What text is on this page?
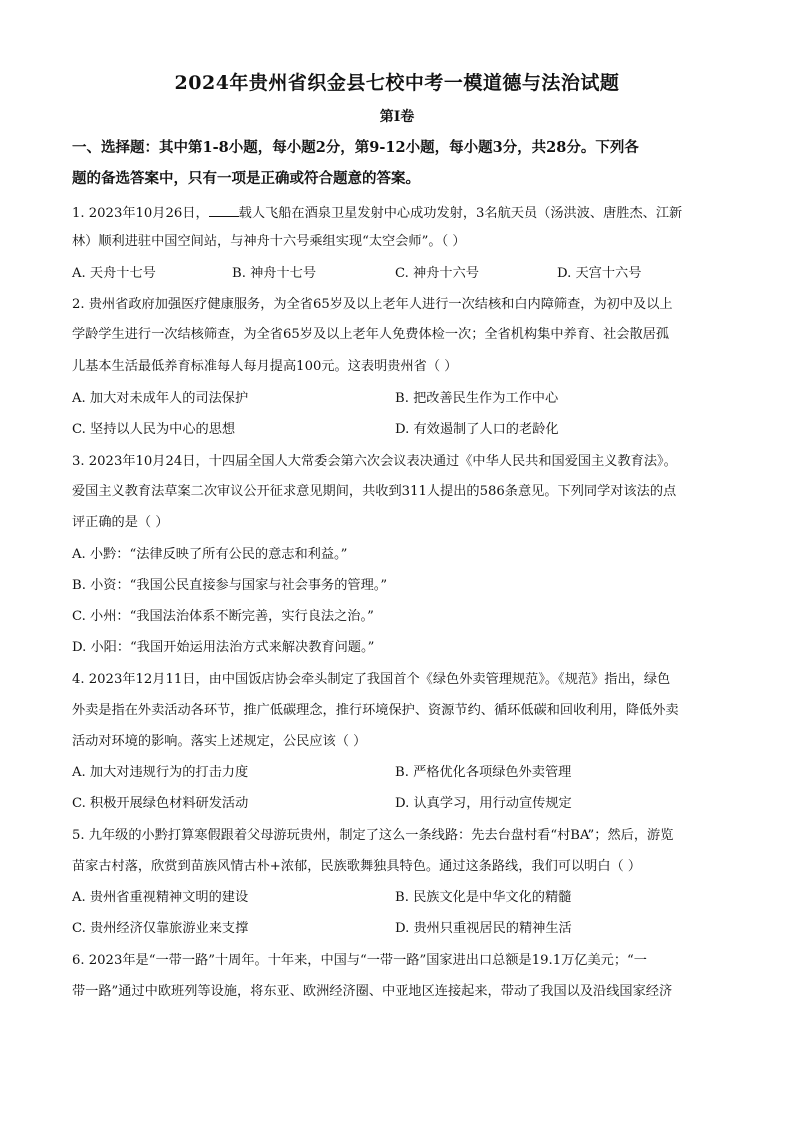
2024年贵州省织金县七校中考一模道德与法治试题
第Ⅰ卷
一、选择题：其中第1-8小题，每小题2分，第9-12小题，每小题3分，共28分。下列各
题的备选答案中，只有一项是正确或符合题意的答案。
1. 2023年10月26日， 载人飞船在酒泉卫星发射中心成功发射，3名航天员（汤洪波、唐胜杰、江新
林）顺利进驻中国空间站，与神舟十六号乘组实现“太空会师”。（ ）
A. 天舟十七号	B. 神舟十七号	C. 神舟十六号	D. 天宫十六号
2. 贵州省政府加强医疗健康服务，为全省65岁及以上老年人进行一次结核和白内障筛查，为初中及以上
学龄学生进行一次结核筛查，为全省65岁及以上老年人免费体检一次；全省机构集中养育、社会散居孤
儿基本生活最低养育标准每人每月提高100元。这表明贵州省（ ）
A. 加大对未成年人的司法保护	B. 把改善民生作为工作中心
C. 坚持以人民为中心的思想	D. 有效遏制了人口的老龄化
3. 2023年10月24日，十四届全国人大常委会第六次会议表决通过《中华人民共和国爱国主义教育法》。
爱国主义教育法草案二次审议公开征求意见期间，共收到311人提出的586条意见。下列同学对该法的点
评正确的是（ ）
A. 小黔：“法律反映了所有公民的意志和利益。”
B. 小资：“我国公民直接参与国家与社会事务的管理。”
C. 小州：“我国法治体系不断完善，实行良法之治。”
D. 小阳：“我国开始运用法治方式来解决教育问题。”
4. 2023年12月11日，由中国饭店协会牵头制定了我国首个《绿色外卖管理规范》。《规范》指出，绿色
外卖是指在外卖活动各环节，推广低碳理念，推行环境保护、资源节约、循环低碳和回收利用，降低外卖
活动对环境的影响。落实上述规定，公民应该（ ）
A. 加大对违规行为的打击力度	B. 严格优化各项绿色外卖管理
C. 积极开展绿色材料研发活动	D. 认真学习，用行动宣传规定
5. 九年级的小黔打算寒假跟着父母游玩贵州，制定了这么一条线路：先去台盘村看“村BA”；然后，游览
苗家古村落，欣赏到苗族风情古朴+浓郁，民族歌舞独具特色。通过这条路线，我们可以明白（ ）
A. 贵州省重视精神文明的建设	B. 民族文化是中华文化的精髓
C. 贵州经济仅靠旅游业来支撑	D. 贵州只重视居民的精神生活
6. 2023年是“一带一路”十周年。十年来，中国与“一带一路”国家进出口总额是19.1万亿美元；“一
带一路”通过中欧班列等设施，将东亚、欧洲经济圈、中亚地区连接起来，带动了我国以及沿线国家经济
